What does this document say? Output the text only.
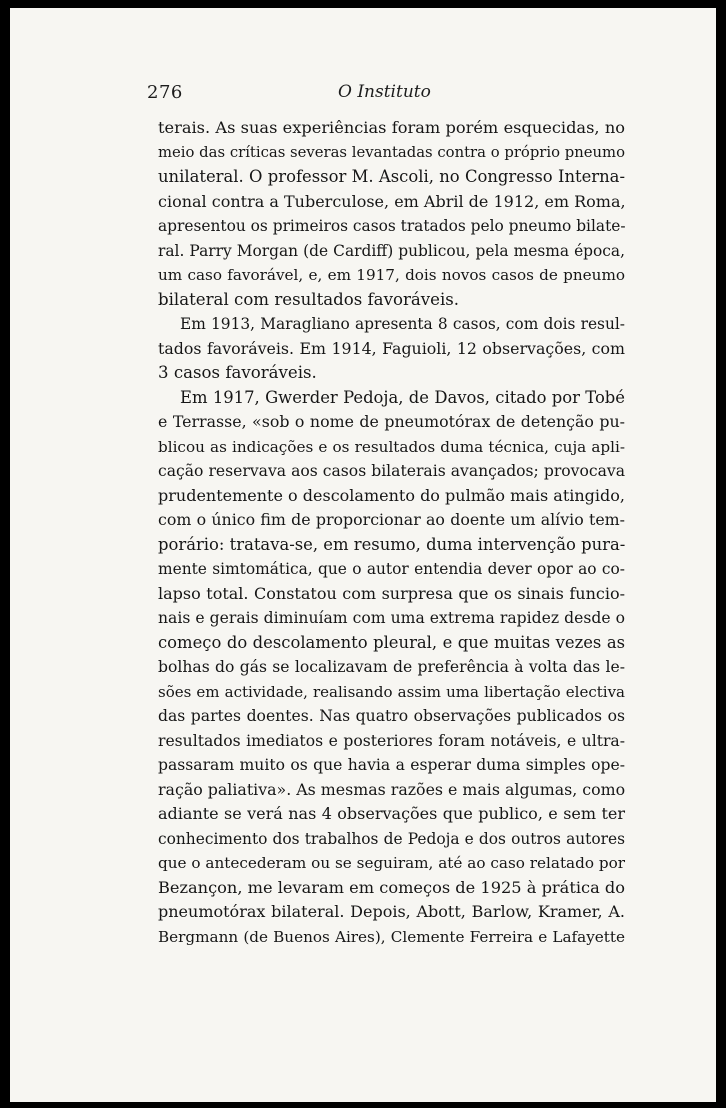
276	O Instituto
terais. As suas experiências foram porém esquecidas, no
meio das críticas severas levantadas contra o próprio pneumo
unilateral. O professor M. Ascoli, no Congresso Interna-
cional contra a Tuberculose, em Abril de 1912, em Roma,
apresentou os primeiros casos tratados pelo pneumo bilate-
ral. Parry Morgan (de Cardiff) publicou, pela mesma época,
um caso favorável, e, em 1917, dois novos casos de pneumo
bilateral com resultados favoráveis.
Em 1913, Maragliano apresenta 8 casos, com dois resul-
tados favoráveis. Em 1914, Faguioli, 12 observações, com
3 casos favoráveis.
Em 1917, Gwerder Pedoja, de Davos, citado por Tobé
e Terrasse, «sob o nome de pneumotórax de detenção pu-
blicou as indicações e os resultados duma técnica, cuja apli-
cação reservava aos casos bilaterais avançados; provocava
prudentemente o descolamento do pulmão mais atingido,
com o único fim de proporcionar ao doente um alívio tem-
porário: tratava-se, em resumo, duma intervenção pura-
mente simtomática, que o autor entendia dever opor ao co-
lapso total. Constatou com surpresa que os sinais funcio-
nais e gerais diminuíam com uma extrema rapidez desde o
começo do descolamento pleural, e que muitas vezes as
bolhas do gás se localizavam de preferência à volta das le-
sões em actividade, realisando assim uma libertação electiva
das partes doentes. Nas quatro observações publicados os
resultados imediatos e posteriores foram notáveis, e ultra-
passaram muito os que havia a esperar duma simples ope-
ração paliativa». As mesmas razões e mais algumas, como
adiante se verá nas 4 observações que publico, e sem ter
conhecimento dos trabalhos de Pedoja e dos outros autores
que o antecederam ou se seguiram, até ao caso relatado por
Bezançon, me levaram em começos de 1925 à prática do
pneumotórax bilateral. Depois, Abott, Barlow, Kramer, A.
Bergmann (de Buenos Aires), Clemente Ferreira e Lafayette
